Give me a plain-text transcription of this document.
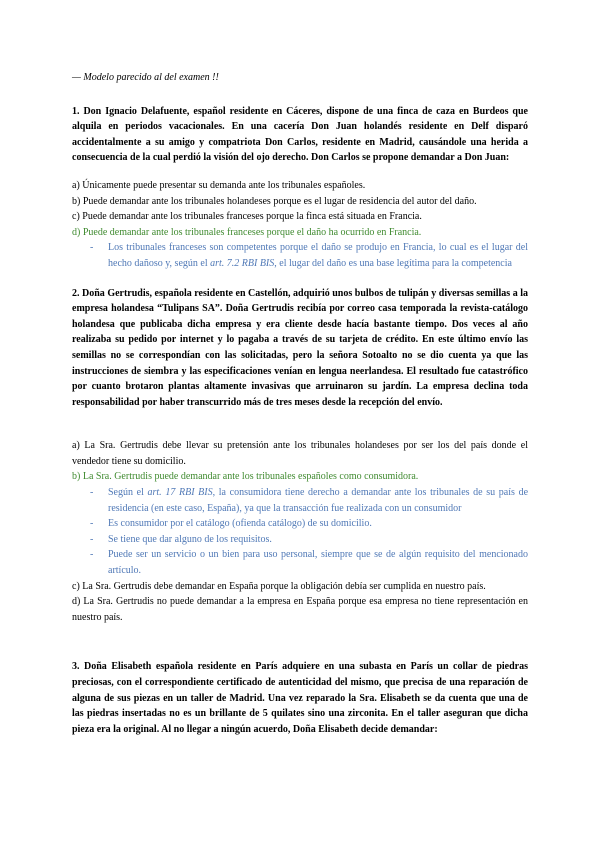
— Modelo parecido al del examen !!

1. Don Ignacio Delafuente, español residente en Cáceres, dispone de una finca de caza en Burdeos que alquila en periodos vacacionales. En una cacería Don Juan holandés residente en Delf disparó accidentalmente a su amigo y compatriota Don Carlos, residente en Madrid, causándole una herida a consecuencia de la cual perdió la visión del ojo derecho. Don Carlos se propone demandar a Don Juan:

a) Únicamente puede presentar su demanda ante los tribunales españoles.

b) Puede demandar ante los tribunales holandeses porque es el lugar de residencia del autor del daño.

c) Puede demandar ante los tribunales franceses porque la finca está situada en Francia.

d) Puede demandar ante los tribunales franceses porque el daño ha ocurrido en Francia.

- Los tribunales franceses son competentes porque el daño se produjo en Francia, lo cual es el lugar del hecho dañoso y, según el art. 7.2 RBI BIS, el lugar del daño es una base legítima para la competencia

2. Doña Gertrudis, española residente en Castellón, adquirió unos bulbos de tulipán y diversas semillas a la empresa holandesa “Tulipans SA”. Doña Gertrudis recibía por correo casa temporada la revista-catálogo holandesa que publicaba dicha empresa y era cliente desde hacía bastante tiempo. Dos veces al año realizaba su pedido por internet y lo pagaba a través de su tarjeta de crédito. En este último envío las semillas no se correspondían con las solicitadas, pero la señora Sotoalto no se dio cuenta ya que las instrucciones de siembra y las especificaciones venían en lengua neerlandesa. El resultado fue catastrófico por cuanto brotaron plantas altamente invasivas que arruinaron su jardín. La empresa declina toda responsabilidad por haber transcurrido más de tres meses desde la recepción del envío.

a) La Sra. Gertrudis debe llevar su pretensión ante los tribunales holandeses por ser los del país donde el vendedor tiene su domicilio.

b) La Sra. Gertrudis puede demandar ante los tribunales españoles como consumidora.

- Según el art. 17 RBI BIS, la consumidora tiene derecho a demandar ante los tribunales de su país de residencia (en este caso, España), ya que la transacción fue realizada con un consumidor
- Es consumidor por el catálogo (ofienda catálogo) de su domicilio.
- Se tiene que dar alguno de los requisitos.
- Puede ser un servicio o un bien para uso personal, siempre que se de algún requisito del mencionado artículo.

c) La Sra. Gertrudis debe demandar en España porque la obligación debía ser cumplida en nuestro país.

d) La Sra. Gertrudis no puede demandar a la empresa en España porque esa empresa no tiene representación en nuestro país.

3. Doña Elisabeth española residente en París adquiere en una subasta en París un collar de piedras preciosas, con el correspondiente certificado de autenticidad del mismo, que precisa de una reparación de alguna de sus piezas en un taller de Madrid. Una vez reparado la Sra. Elisabeth se da cuenta que una de las piedras insertadas no es un brillante de 5 quilates sino una zirconita. En el taller aseguran que dicha pieza era la original. Al no llegar a ningún acuerdo, Doña Elisabeth decide demandar:
